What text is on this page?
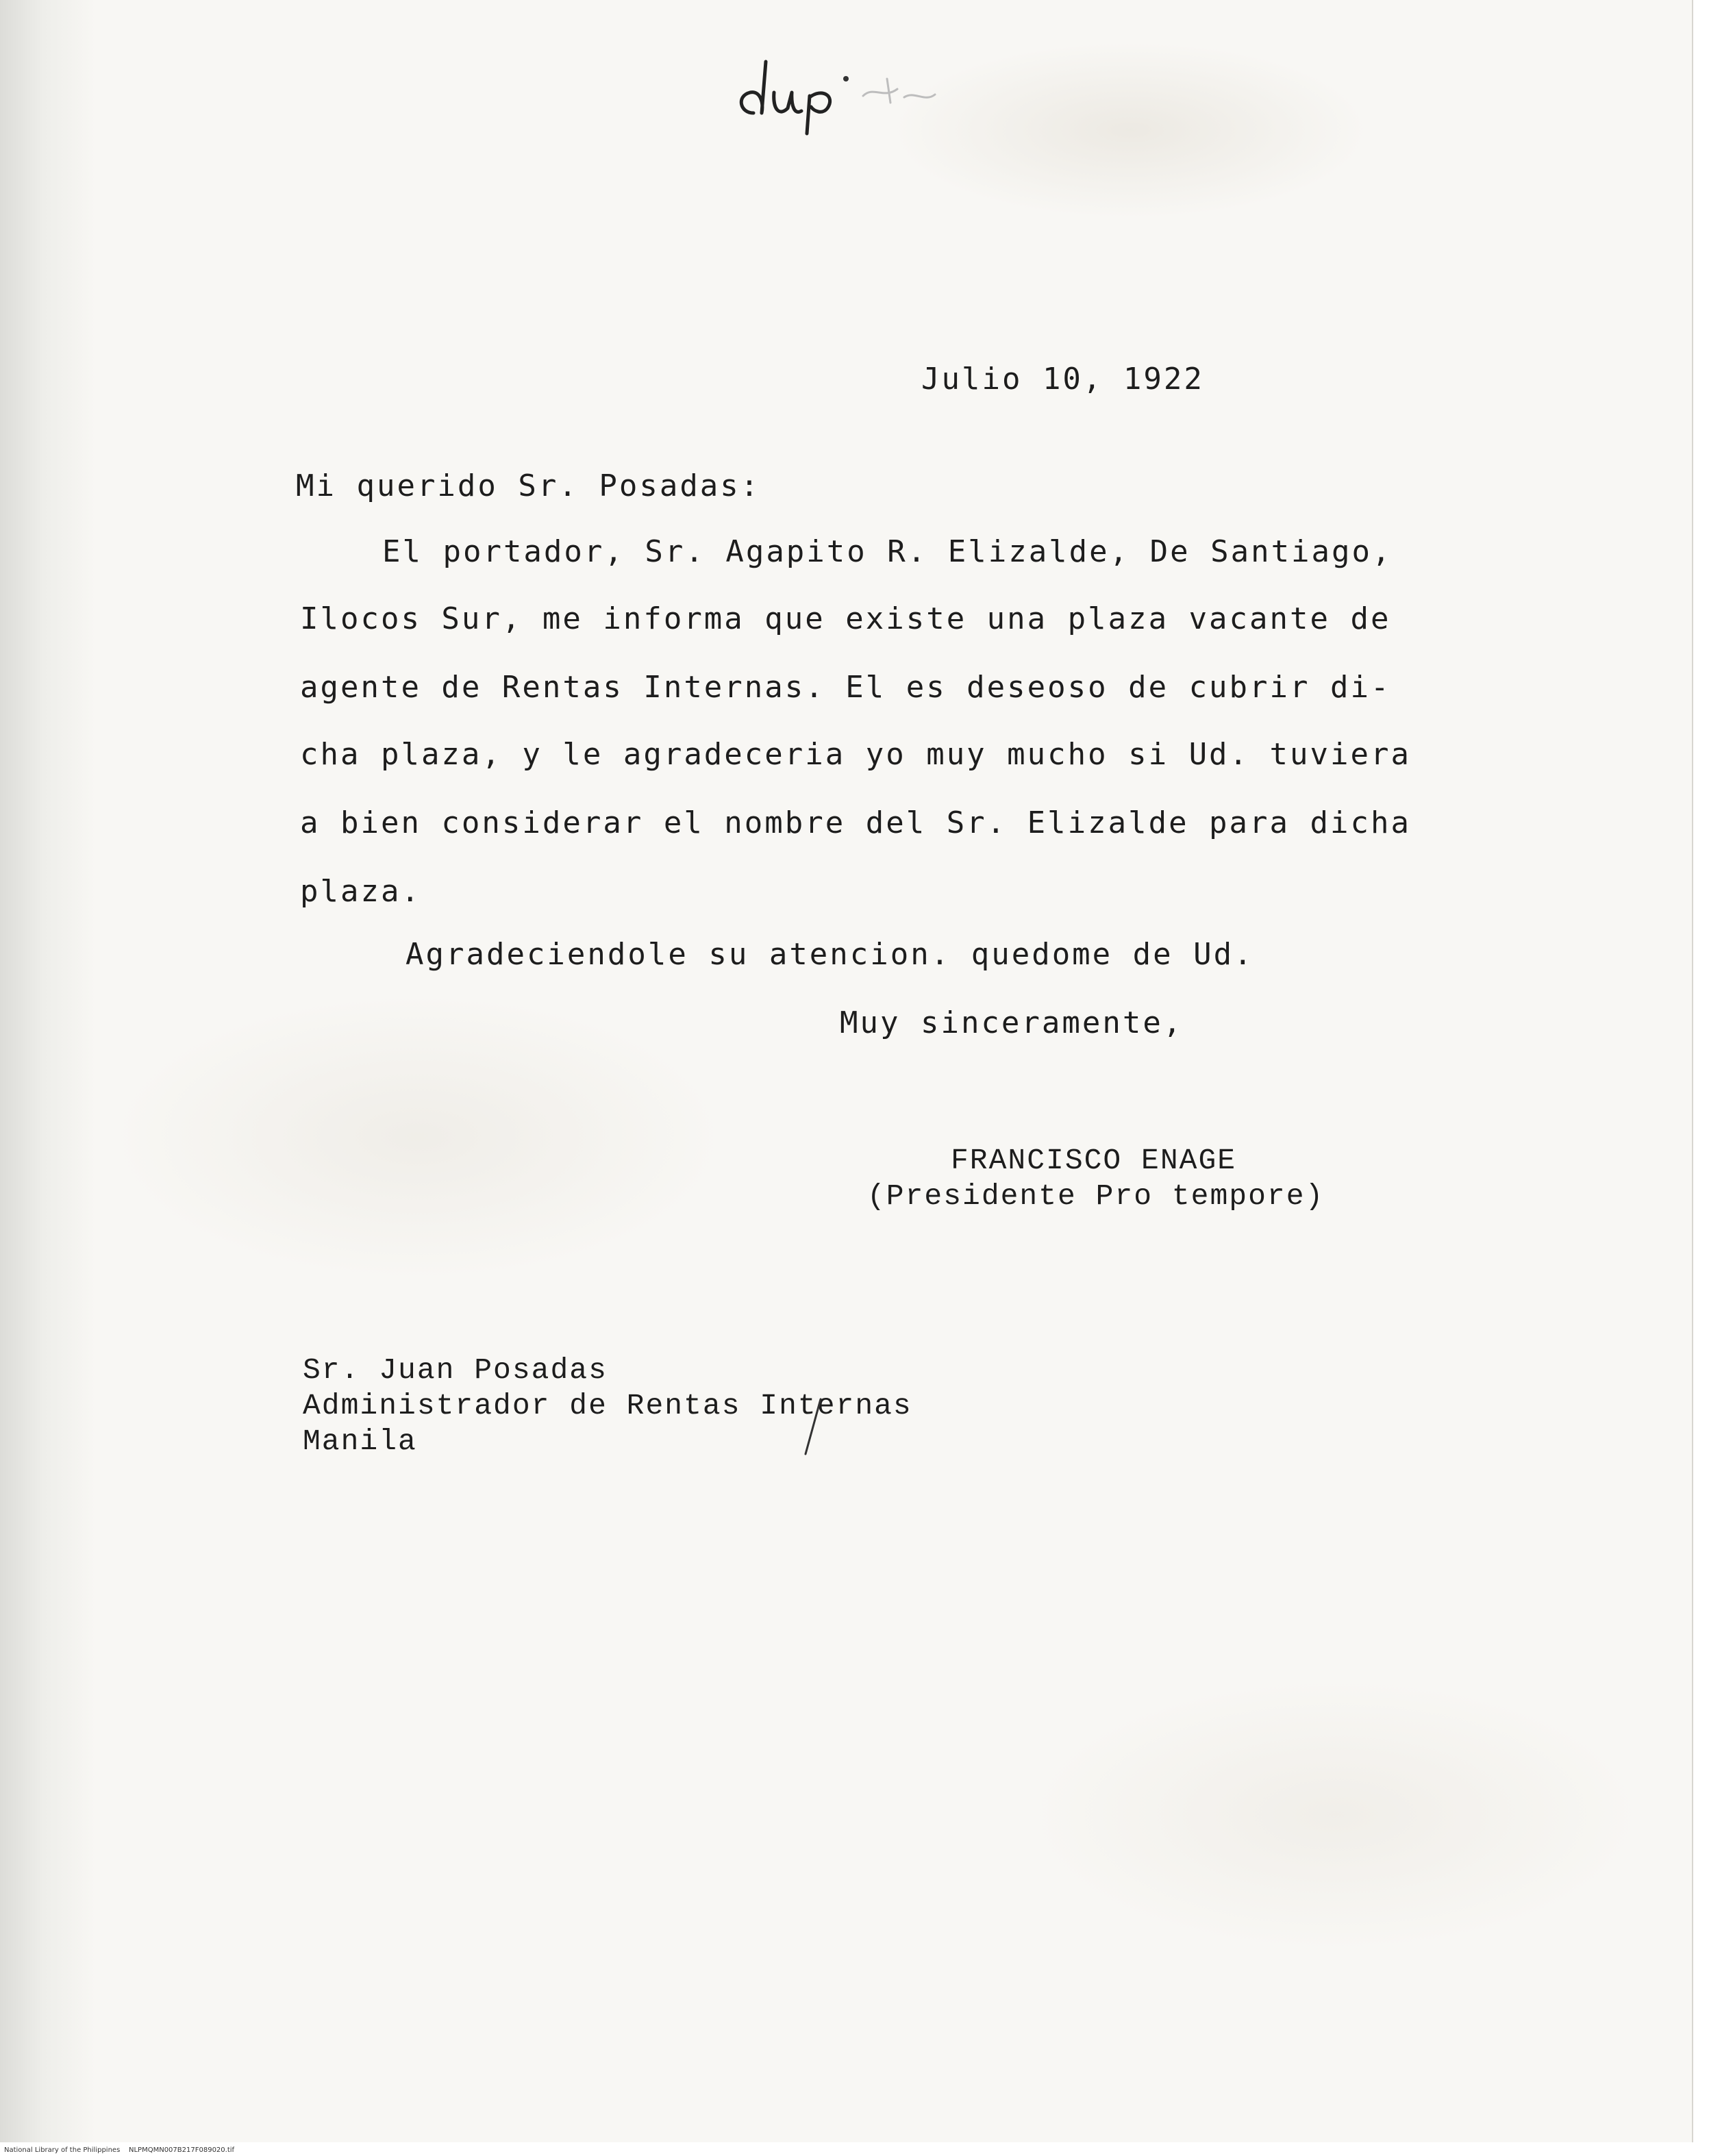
Julio 10, 1922

Mi querido Sr. Posadas:

El portador, Sr. Agapito R. Elizalde, De Santiago,

Ilocos Sur, me informa que existe una plaza vacante de

agente de Rentas Internas. El es deseoso de cubrir di-

cha plaza, y le agradeceria yo muy mucho si Ud. tuviera

a bien considerar el nombre del Sr. Elizalde para dicha

plaza.

Agradeciendole su atencion. quedome de Ud.

Muy sinceramente,

FRANCISCO ENAGE

(Presidente Pro tempore)

Sr. Juan Posadas

Administrador de Rentas Internas

Manila

National Library of the Philippines NLPMQMN007B217F089020.tif
